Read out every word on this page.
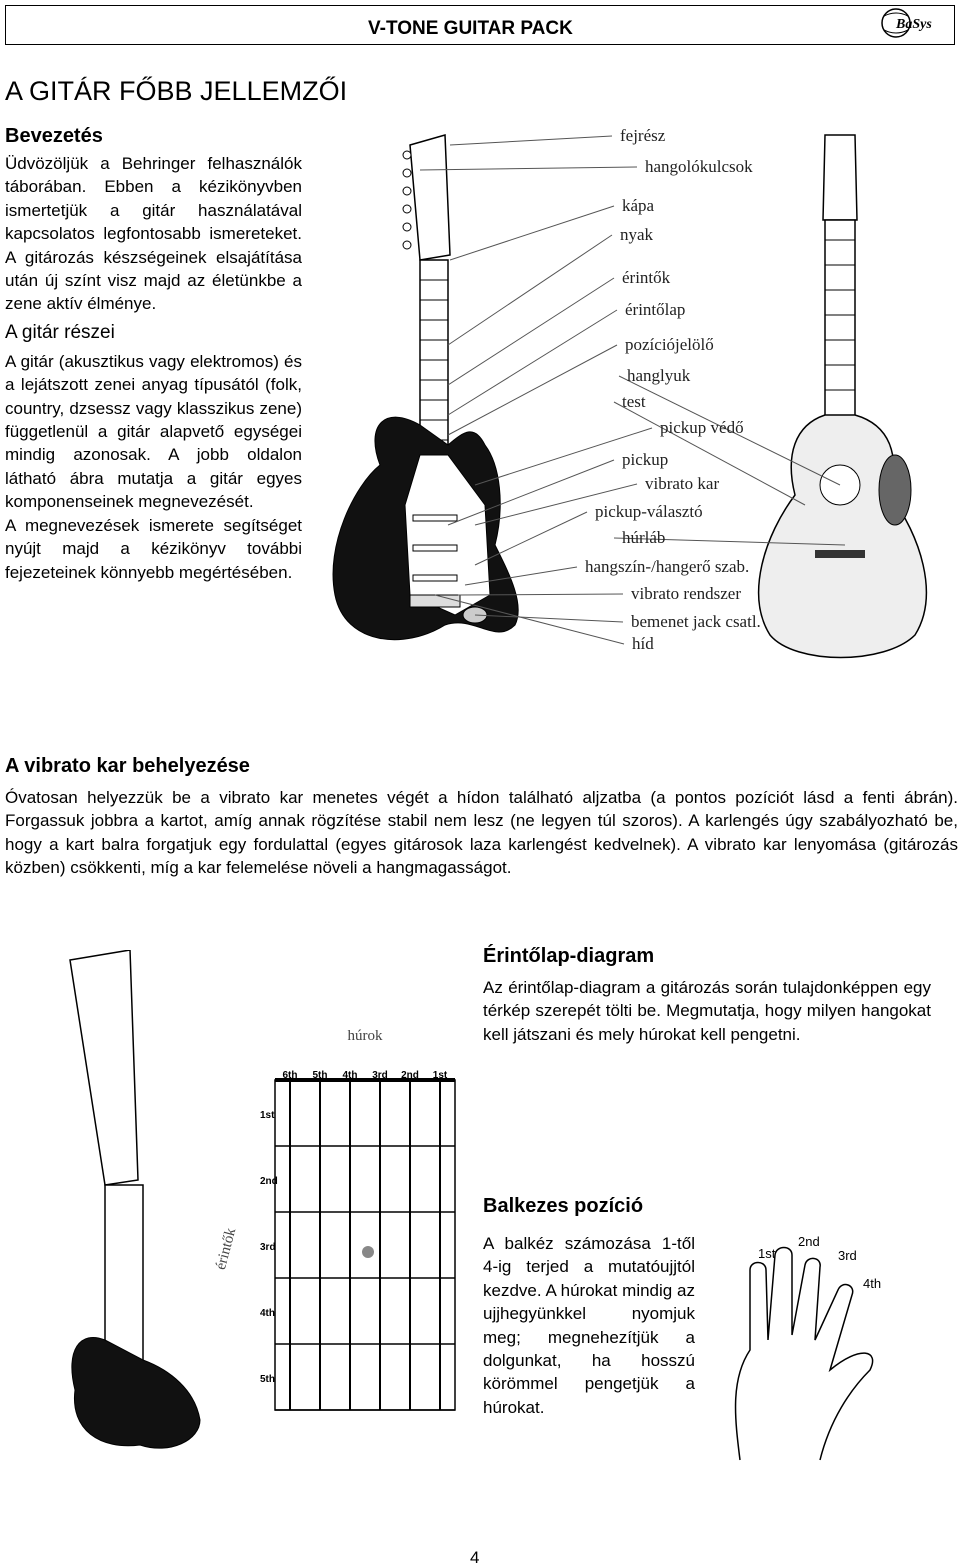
V-TONE GUITAR PACK	BaSys
A GITÁR FŐBB JELLEMZŐI
Bevezetés

Üdvözöljük a Behringer felhasználók táborában. Ebben a kézikönyvben ismertetjük a gitár használatával kapcsolatos legfontosabb ismereteket. A gitározás készségeinek elsajátítása után új színt visz majd az életünkbe a zene aktív élménye.

A gitár részei

A gitár (akusztikus vagy elektromos) és a lejátszott zenei anyag típusától (folk, country, dzsessz vagy klasszikus zene) függetlenül a gitár alapvető egységei mindig azonosak. A jobb oldalon látható ábra mutatja a gitár egyes komponenseinek megnevezését.

A megnevezések ismerete segítséget nyújt majd a kézikönyv további fejezeteinek könnyebb megértésében.

fejrész
hangolókulcsok
kápa
nyak
érintők
érintőlap
pozíciójelölő
hanglyuk
test
pickup védő
pickup
vibrato kar
pickup-választó
húrláb
hangszín-/hangerő szab.
vibrato rendszer
bemenet jack csatl.
híd
A vibrato kar behelyezése

Óvatosan helyezzük be a vibrato kar menetes végét a hídon található aljzatba (a pontos pozíciót lásd a fenti ábrán). Forgassuk jobbra a kartot, amíg annak rögzítése stabil nem lesz (ne legyen túl szoros). A karlengés úgy szabályozható be, hogy a kart balra forgatjuk egy fordulattal (egyes gitárosok laza karlengést kedvelnek). A vibrato kar lenyomása (gitározás közben) csökkenti, míg a kar felemelése növeli a hangmagasságot.

húrok
érintők
6th 5th 4th 3rd 2nd 1st
1st
2nd
3rd
4th
5th
Érintőlap-diagram

Az érintőlap-diagram a gitározás során tulajdonképpen egy térkép szerepét tölti be. Megmutatja, hogy milyen hangokat kell játszani és mely húrokat kell pengetni.

Balkezes pozíció

A balkéz számozása 1-től 4-ig terjed a mutatóujjtól kezdve. A húrokat mindig az ujjhegyünkkel nyomjuk meg; megnehezítjük a dolgunkat, ha hosszú körömmel pengetjük a húrokat.

1st
2nd
3rd
4th
4
